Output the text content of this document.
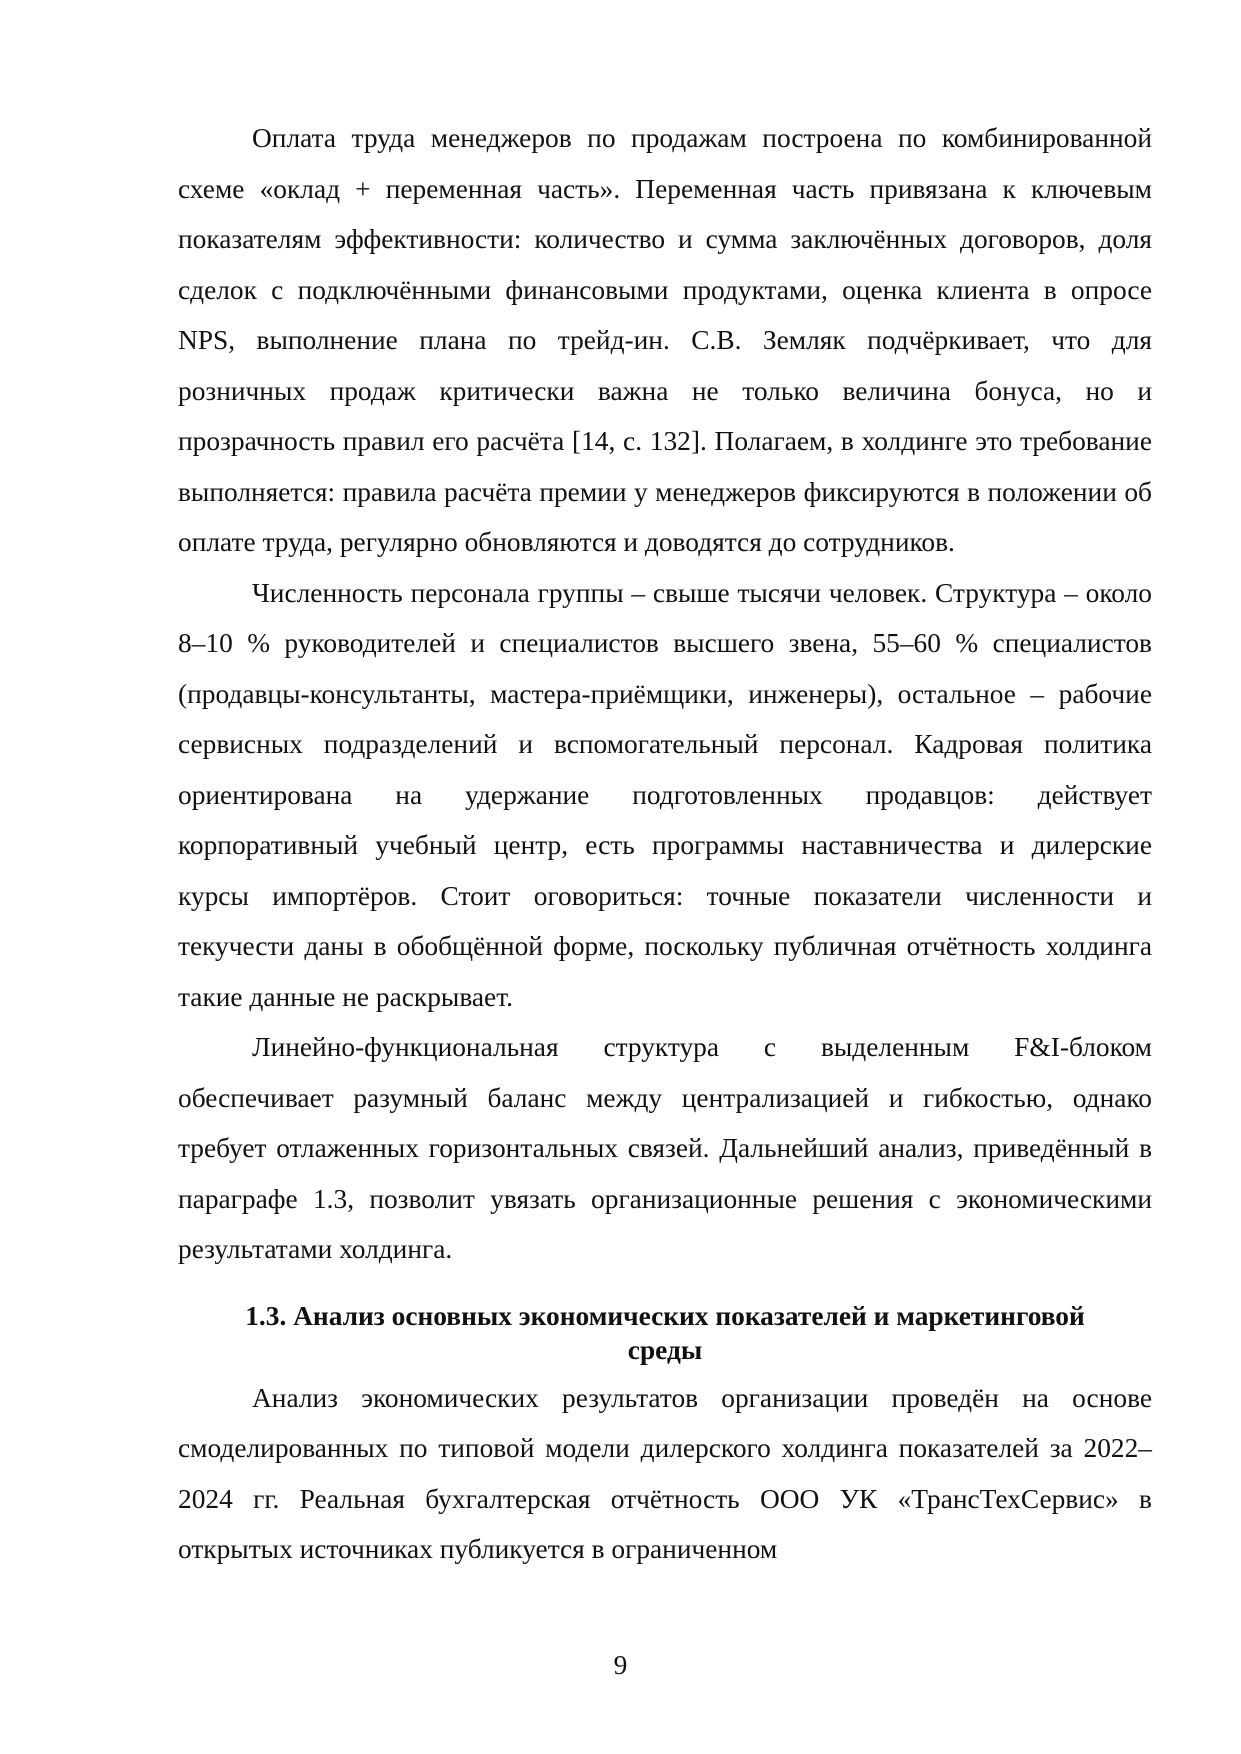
Оплата труда менеджеров по продажам построена по комбинированной схеме «оклад + переменная часть». Переменная часть привязана к ключевым показателям эффективности: количество и сумма заключённых договоров, доля сделок с подключёнными финансовыми продуктами, оценка клиента в опросе NPS, выполнение плана по трейд-ин. С.В. Земляк подчёркивает, что для розничных продаж критически важна не только величина бонуса, но и прозрачность правил его расчёта [14, с. 132]. Полагаем, в холдинге это требование выполняется: правила расчёта премии у менеджеров фиксируются в положении об оплате труда, регулярно обновляются и доводятся до сотрудников.

Численность персонала группы – свыше тысячи человек. Структура – около 8–10 % руководителей и специалистов высшего звена, 55–60 % специалистов (продавцы-консультанты, мастера-приёмщики, инженеры), остальное – рабочие сервисных подразделений и вспомогательный персонал. Кадровая политика ориентирована на удержание подготовленных продавцов: действует корпоративный учебный центр, есть программы наставничества и дилерские курсы импортёров. Стоит оговориться: точные показатели численности и текучести даны в обобщённой форме, поскольку публичная отчётность холдинга такие данные не раскрывает.

Линейно-функциональная структура с выделенным F&I-блоком обеспечивает разумный баланс между централизацией и гибкостью, однако требует отлаженных горизонтальных связей. Дальнейший анализ, приведённый в параграфе 1.3, позволит увязать организационные решения с экономическими результатами холдинга.

1.3. Анализ основных экономических показателей и маркетинговой среды

Анализ экономических результатов организации проведён на основе смоделированных по типовой модели дилерского холдинга показателей за 2022–2024 гг. Реальная бухгалтерская отчётность ООО УК «ТрансТехСервис» в открытых источниках публикуется в ограниченном

9
